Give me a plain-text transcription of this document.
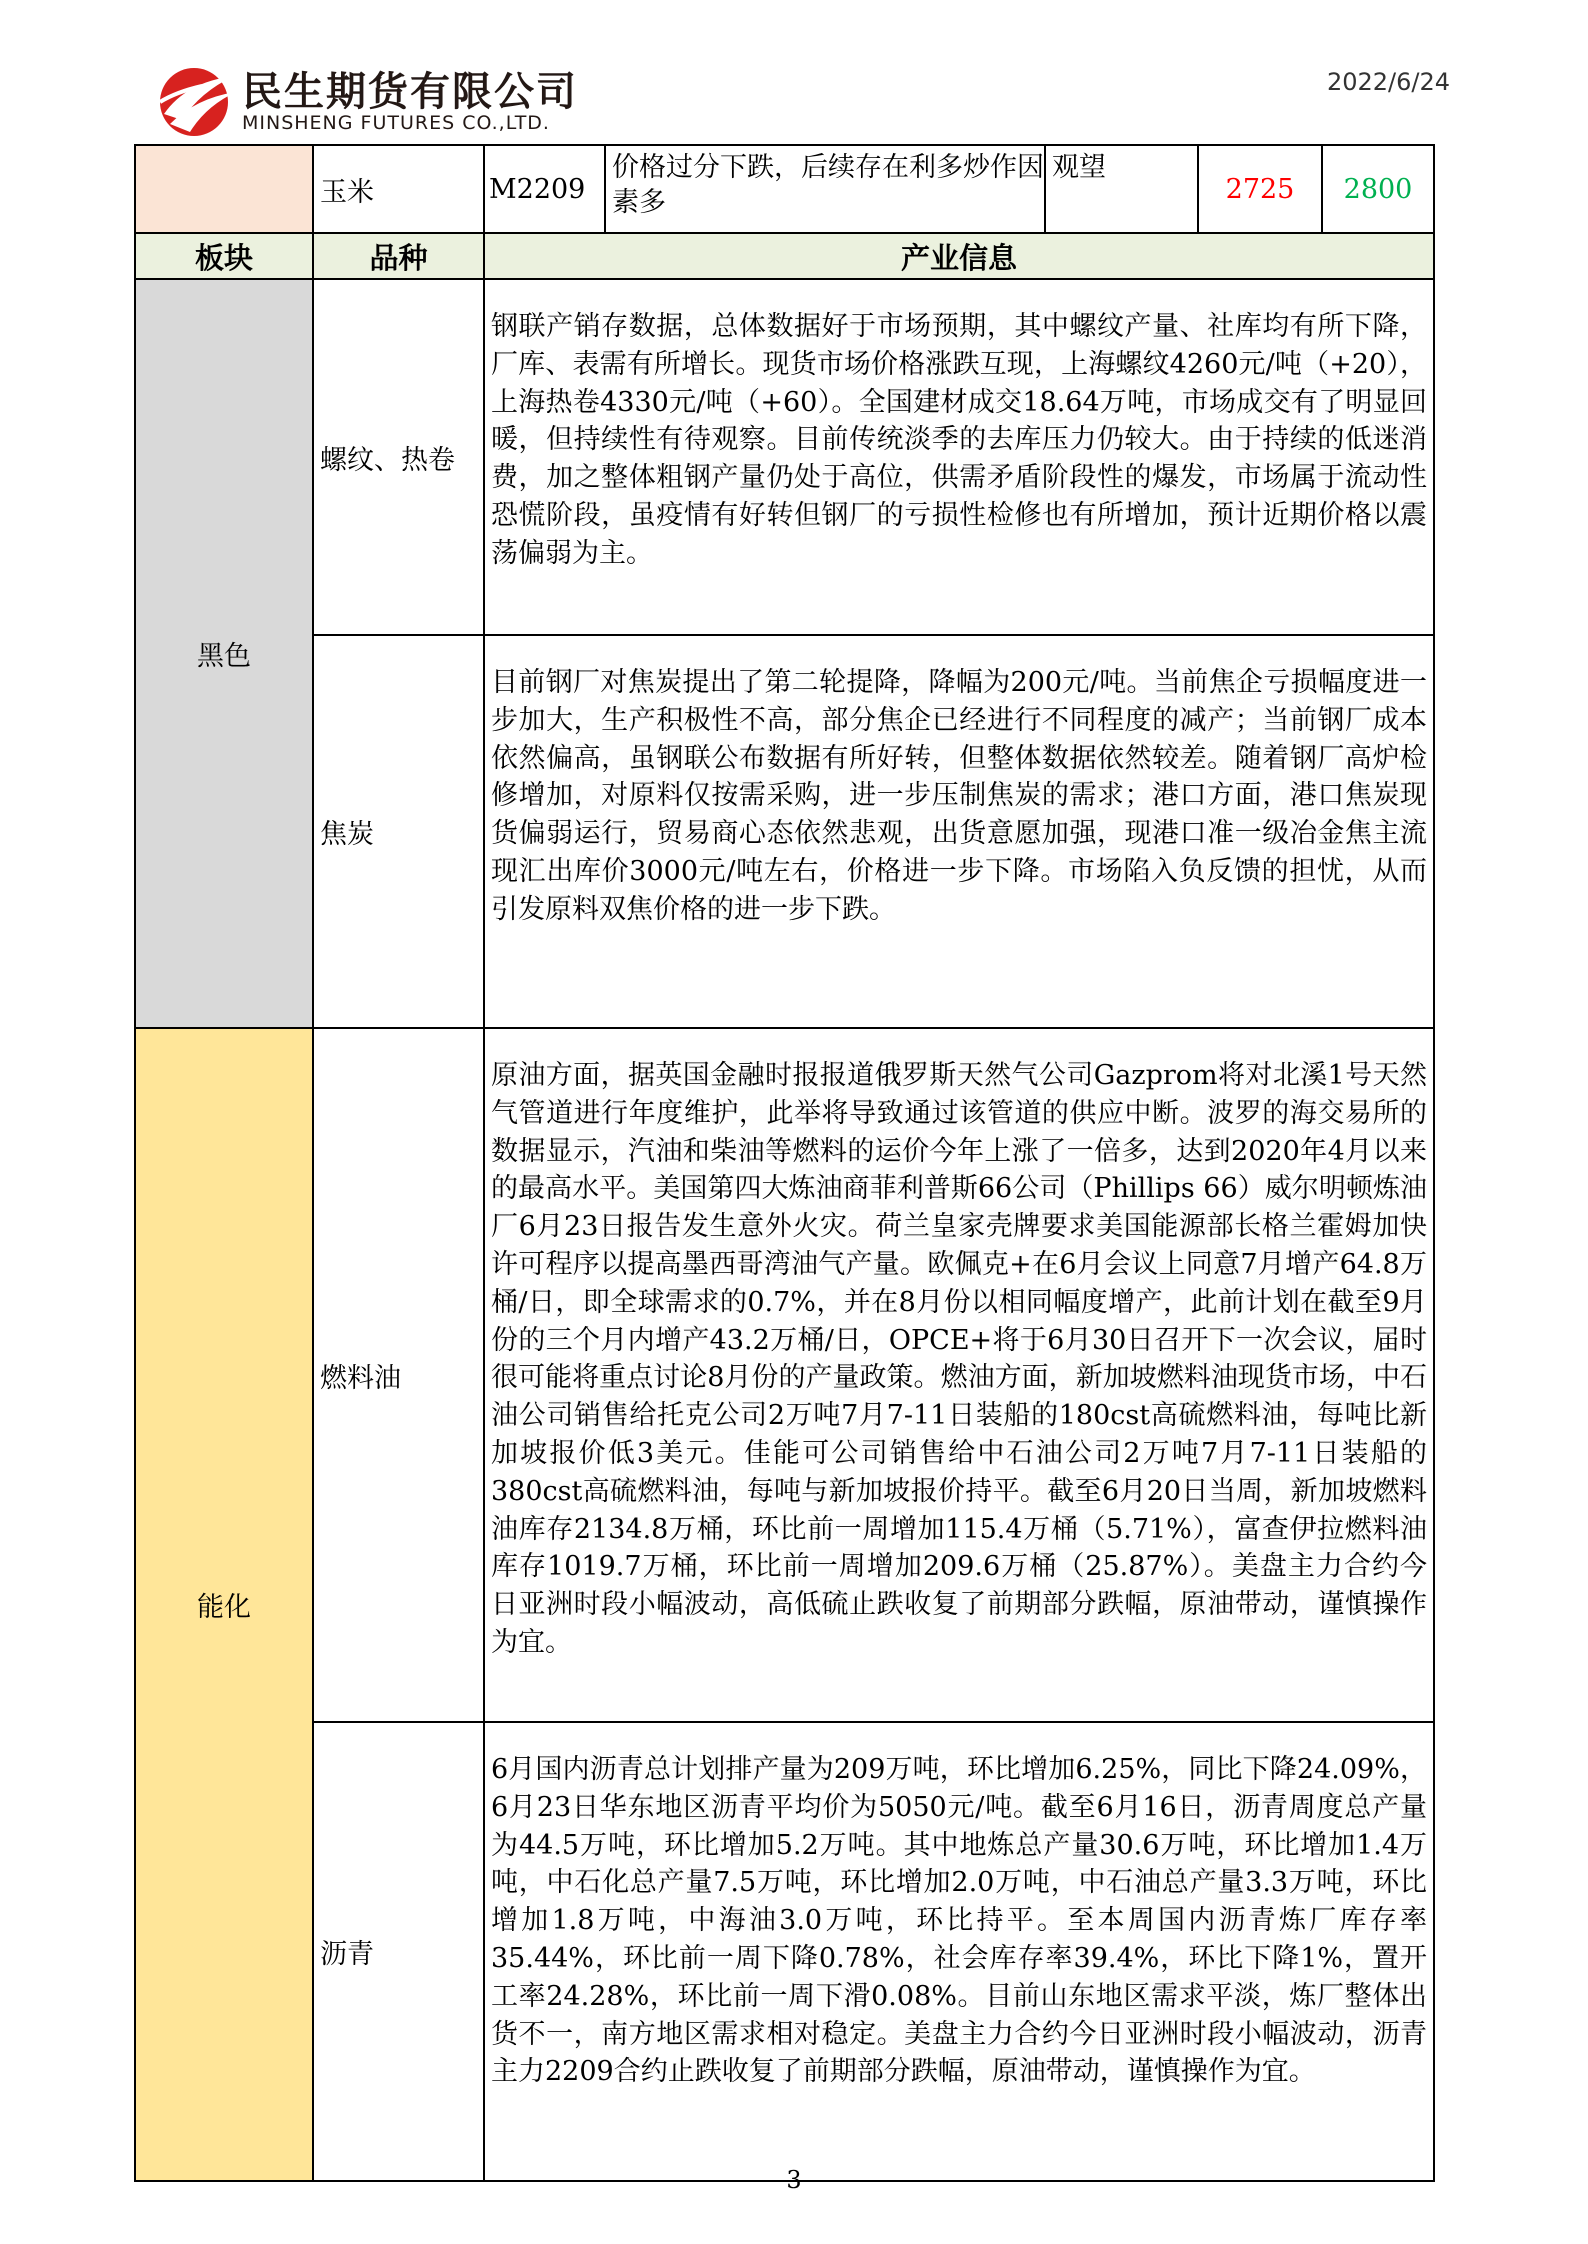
民生期货有限公司
MINSHENG FUTURES CO.,LTD.
2022/6/24
	玉米	M2209	价格过分下跌，后续存在利多炒作因素多	观望	2725	2800
板块	品种	产业信息				
黑色	螺纹、热卷	钢联产销存数据，总体数据好于市场预期，其中螺纹产量、社库均有所下降，厂库、表需有所增长。现货市场价格涨跌互现，上海螺纹4260元/吨（+20），上海热卷4330元/吨（+60）。全国建材成交18.64万吨，市场成交有了明显回暖，但持续性有待观察。目前传统淡季的去库压力仍较大。由于持续的低迷消费，加之整体粗钢产量仍处于高位，供需矛盾阶段性的爆发，市场属于流动性恐慌阶段，虽疫情有好转但钢厂的亏损性检修也有所增加，预计近期价格以震荡偏弱为主。				
	焦炭	目前钢厂对焦炭提出了第二轮提降，降幅为200元/吨。当前焦企亏损幅度进一步加大，生产积极性不高，部分焦企已经进行不同程度的减产；当前钢厂成本依然偏高，虽钢联公布数据有所好转，但整体数据依然较差。随着钢厂高炉检修增加，对原料仅按需采购，进一步压制焦炭的需求；港口方面，港口焦炭现货偏弱运行，贸易商心态依然悲观，出货意愿加强，现港口准一级冶金焦主流现汇出库价3000元/吨左右，价格进一步下降。市场陷入负反馈的担忧，从而引发原料双焦价格的进一步下跌。				
能化	燃料油	原油方面，据英国金融时报报道俄罗斯天然气公司Gazprom将对北溪1号天然气管道进行年度维护，此举将导致通过该管道的供应中断。波罗的海交易所的数据显示，汽油和柴油等燃料的运价今年上涨了一倍多，达到2020年4月以来的最高水平。美国第四大炼油商菲利普斯66公司（Phillips 66）威尔明顿炼油厂6月23日报告发生意外火灾。荷兰皇家壳牌要求美国能源部长格兰霍姆加快许可程序以提高墨西哥湾油气产量。欧佩克+在6月会议上同意7月增产64.8万桶/日，即全球需求的0.7%，并在8月份以相同幅度增产，此前计划在截至9月份的三个月内增产43.2万桶/日，OPCE+将于6月30日召开下一次会议，届时很可能将重点讨论8月份的产量政策。燃油方面，新加坡燃料油现货市场，中石油公司销售给托克公司2万吨7月7-11日装船的180cst高硫燃料油，每吨比新加坡报价低3美元。佳能可公司销售给中石油公司2万吨7月7-11日装船的380cst高硫燃料油，每吨与新加坡报价持平。截至6月20日当周，新加坡燃料油库存2134.8万桶，环比前一周增加115.4万桶（5.71%），富查伊拉燃料油库存1019.7万桶，环比前一周增加209.6万桶（25.87%）。美盘主力合约今日亚洲时段小幅波动，高低硫止跌收复了前期部分跌幅，原油带动，谨慎操作为宜。				
	沥青	6月国内沥青总计划排产量为209万吨，环比增加6.25%，同比下降24.09%，6月23日华东地区沥青平均价为5050元/吨。截至6月16日，沥青周度总产量为44.5万吨，环比增加5.2万吨。其中地炼总产量30.6万吨，环比增加1.4万吨，中石化总产量7.5万吨，环比增加2.0万吨，中石油总产量3.3万吨，环比增加1.8万吨，中海油3.0万吨，环比持平。至本周国内沥青炼厂库存率35.44%，环比前一周下降0.78%，社会库存率39.4%，环比下降1%，置开工率24.28%，环比前一周下滑0.08%。目前山东地区需求平淡，炼厂整体出货不一，南方地区需求相对稳定。美盘主力合约今日亚洲时段小幅波动，沥青主力2209合约止跌收复了前期部分跌幅，原油带动，谨慎操作为宜。				
3
